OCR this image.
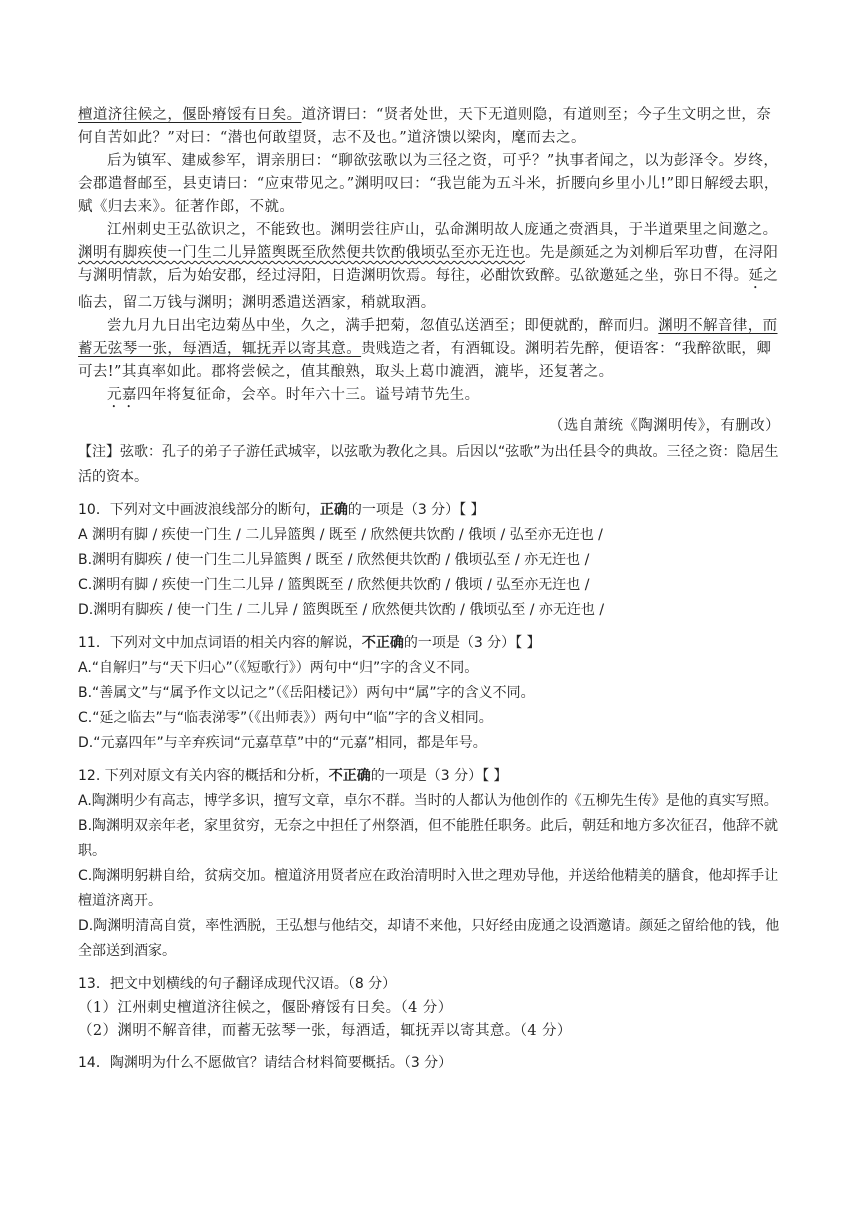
檀道济往候之，偃卧瘠馁有日矣。道济谓曰：“贤者处世，天下无道则隐，有道则至；今子生文明之世，奈何自苦如此？”对曰：“潜也何敢望贤，志不及也。”道济馈以梁肉，麾而去之。

后为镇军、建威参军，谓亲朋曰：“聊欲弦歌以为三径之资，可乎？”执事者闻之，以为彭泽令。岁终，会郡遣督邮至，县吏请曰：“应束带见之。”渊明叹曰：“我岂能为五斗米，折腰向乡里小儿!”即日解绶去职，赋《归去来》。征著作郎，不就。

江州刺史王弘欲识之，不能致也。渊明尝往庐山，弘命渊明故人庞通之赍酒具，于半道栗里之间邀之。渊明有脚疾使一门生二儿异篮舆既至欣然便共饮酌俄顷弘至亦无迕也。先是颜延之为刘柳后军功曹，在浔阳与渊明情款，后为始安郡，经过浔阳，日造渊明饮焉。每往，必酣饮致醉。弘欲邀延之坐，弥日不得。延之临去，留二万钱与渊明；渊明悉遣送酒家，稍就取酒。

尝九月九日出宅边菊丛中坐，久之，满手把菊，忽值弘送酒至；即便就酌，醉而归。渊明不解音律，而蓄无弦琴一张，每酒适，辄抚弄以寄其意。贵贱造之者，有酒辄设。渊明若先醉，便语客：“我醉欲眠，卿可去!”其真率如此。郡将尝候之，值其酿熟，取头上葛巾漉酒，漉毕，还复著之。

元嘉四年将复征命，会卒。时年六十三。谥号靖节先生。

（选自萧统《陶渊明传》，有删改）

【注】弦歌：孔子的弟子子游任武城宰，以弦歌为教化之具。后因以“弦歌”为出任县令的典故。三径之资：隐居生活的资本。

10．下列对文中画波浪线部分的断句，正确的一项是（3 分）【 】

A 渊明有脚 / 疾使一门生 / 二儿异篮舆 / 既至 / 欣然便共饮酌 / 俄顷 / 弘至亦无迕也 /

B.渊明有脚疾 / 使一门生二儿异篮舆 / 既至 / 欣然便共饮酌 / 俄顷弘至 / 亦无迕也 /

C.渊明有脚 / 疾使一门生二儿异 / 篮舆既至 / 欣然便共饮酌 / 俄顷 / 弘至亦无迕也 /

D.渊明有脚疾 / 使一门生 / 二儿异 / 篮舆既至 / 欣然便共饮酌 / 俄顷弘至 / 亦无迕也 /

11．下列对文中加点词语的相关内容的解说，不正确的一项是（3 分）【 】

A.“自解归”与“天下归心”（《短歌行》）两句中“归”字的含义不同。

B.“善属文”与“属予作文以记之”（《岳阳楼记》）两句中“属”字的含义不同。

C.“延之临去”与“临表涕零”（《出师表》）两句中“临”字的含义相同。

D.“元嘉四年”与辛弃疾词“元嘉草草”中的“元嘉”相同，都是年号。

12. 下列对原文有关内容的概括和分析，不正确的一项是（3 分）【 】

A.陶渊明少有高志，博学多识，擅写文章，卓尔不群。当时的人都认为他创作的《五柳先生传》是他的真实写照。

B.陶渊明双亲年老，家里贫穷，无奈之中担任了州祭酒，但不能胜任职务。此后，朝廷和地方多次征召，他辞不就职。

C.陶渊明躬耕自给，贫病交加。檀道济用贤者应在政治清明时入世之理劝导他，并送给他精美的膳食，他却挥手让檀道济离开。

D.陶渊明清高自赏，率性洒脱，王弘想与他结交，却请不来他，只好经由庞通之设酒邀请。颜延之留给他的钱，他全部送到酒家。

13．把文中划横线的句子翻译成现代汉语。（8 分）

（1）江州刺史檀道济往候之，偃卧瘠馁有日矣。（4 分）

（2）渊明不解音律，而蓄无弦琴一张，每酒适，辄抚弄以寄其意。（4 分）

14．陶渊明为什么不愿做官？请结合材料简要概括。（3 分）
